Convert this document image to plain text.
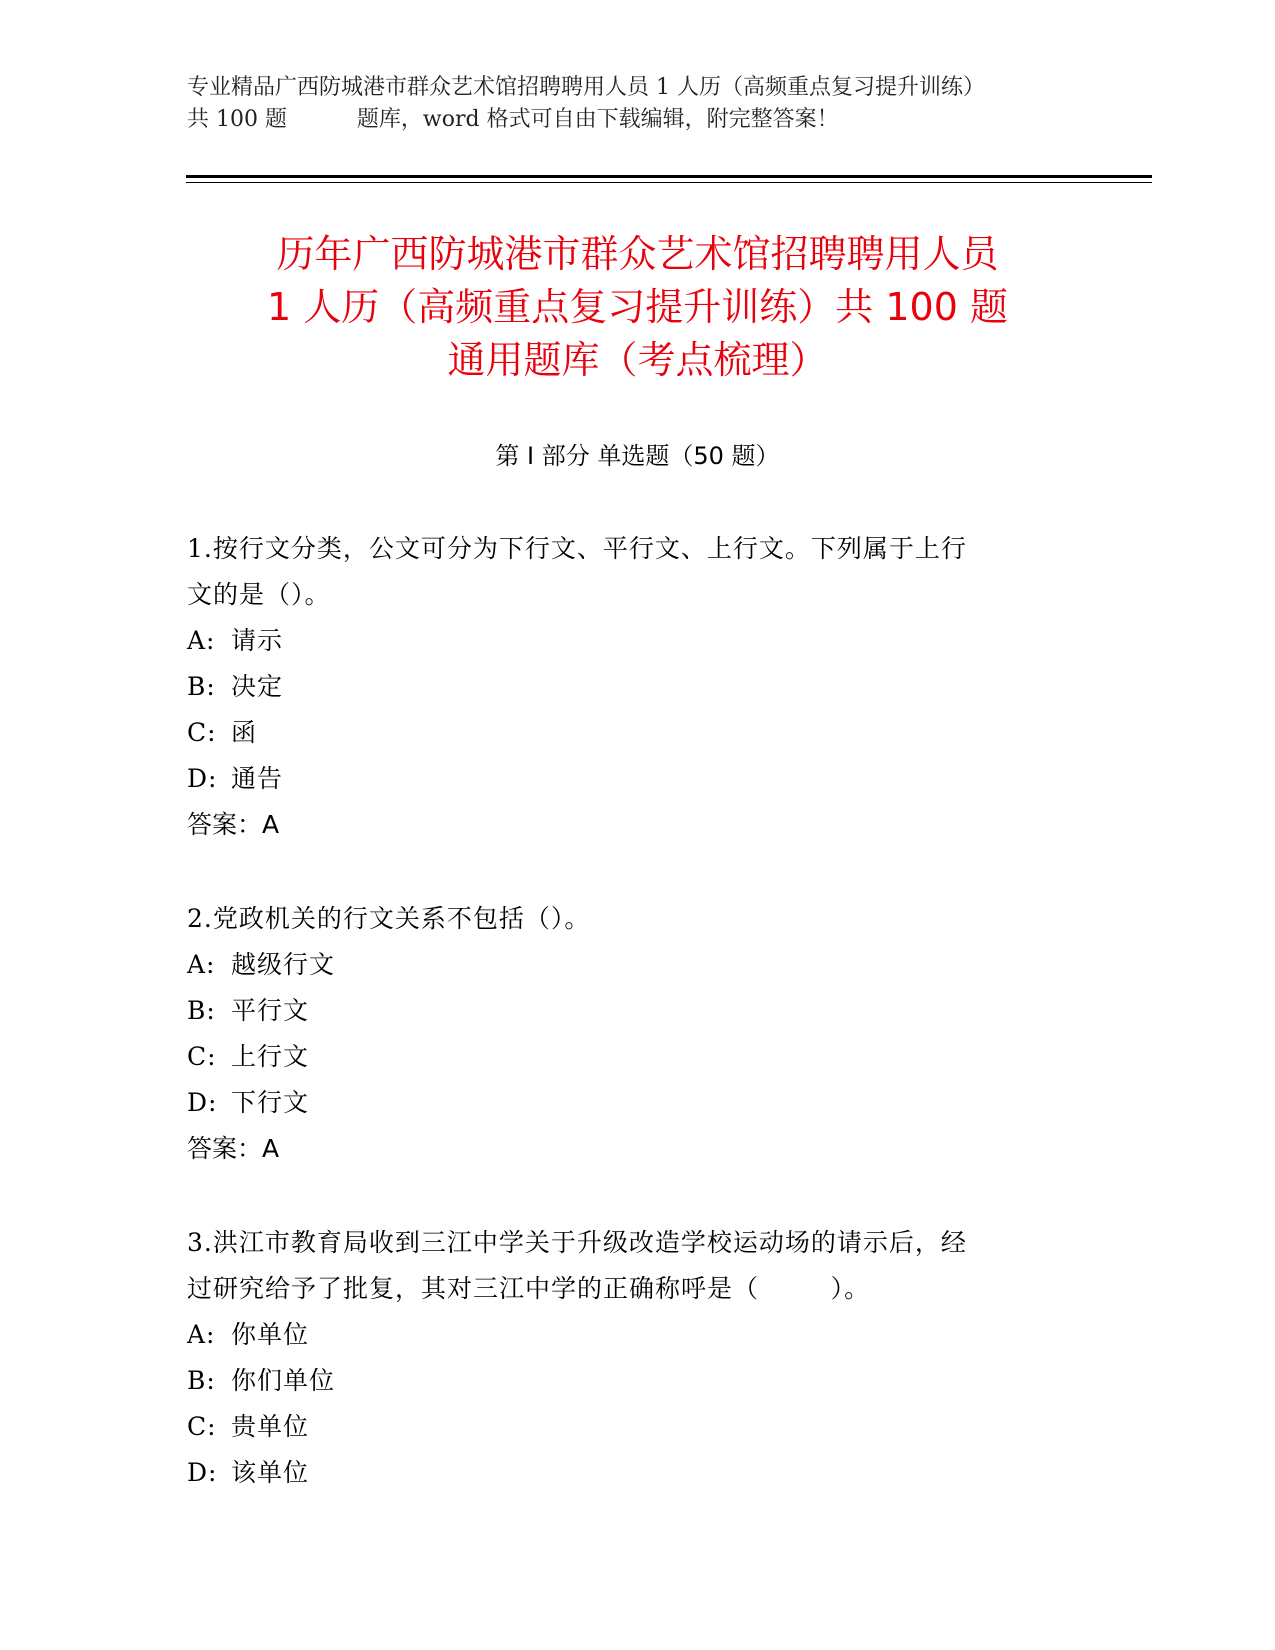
专业精品广西防城港市群众艺术馆招聘聘用人员 1 人历（高频重点复习提升训练）
共 100 题          题库，word 格式可自由下载编辑，附完整答案！
历年广西防城港市群众艺术馆招聘聘用人员
1 人历（高频重点复习提升训练）共 100 题
通用题库（考点梳理）
第 I 部分 单选题（50 题）
1.按行文分类，公文可分为下行文、平行文、上行文。下列属于上行
文的是（）。
A: 请示
B: 决定
C: 函
D: 通告
答案：A
2.党政机关的行文关系不包括（）。
A: 越级行文
B: 平行文
C: 上行文
D: 下行文
答案：A
3.洪江市教育局收到三江中学关于升级改造学校运动场的请示后，经
过研究给予了批复，其对三江中学的正确称呼是（        ）。
A: 你单位
B: 你们单位
C: 贵单位
D: 该单位
